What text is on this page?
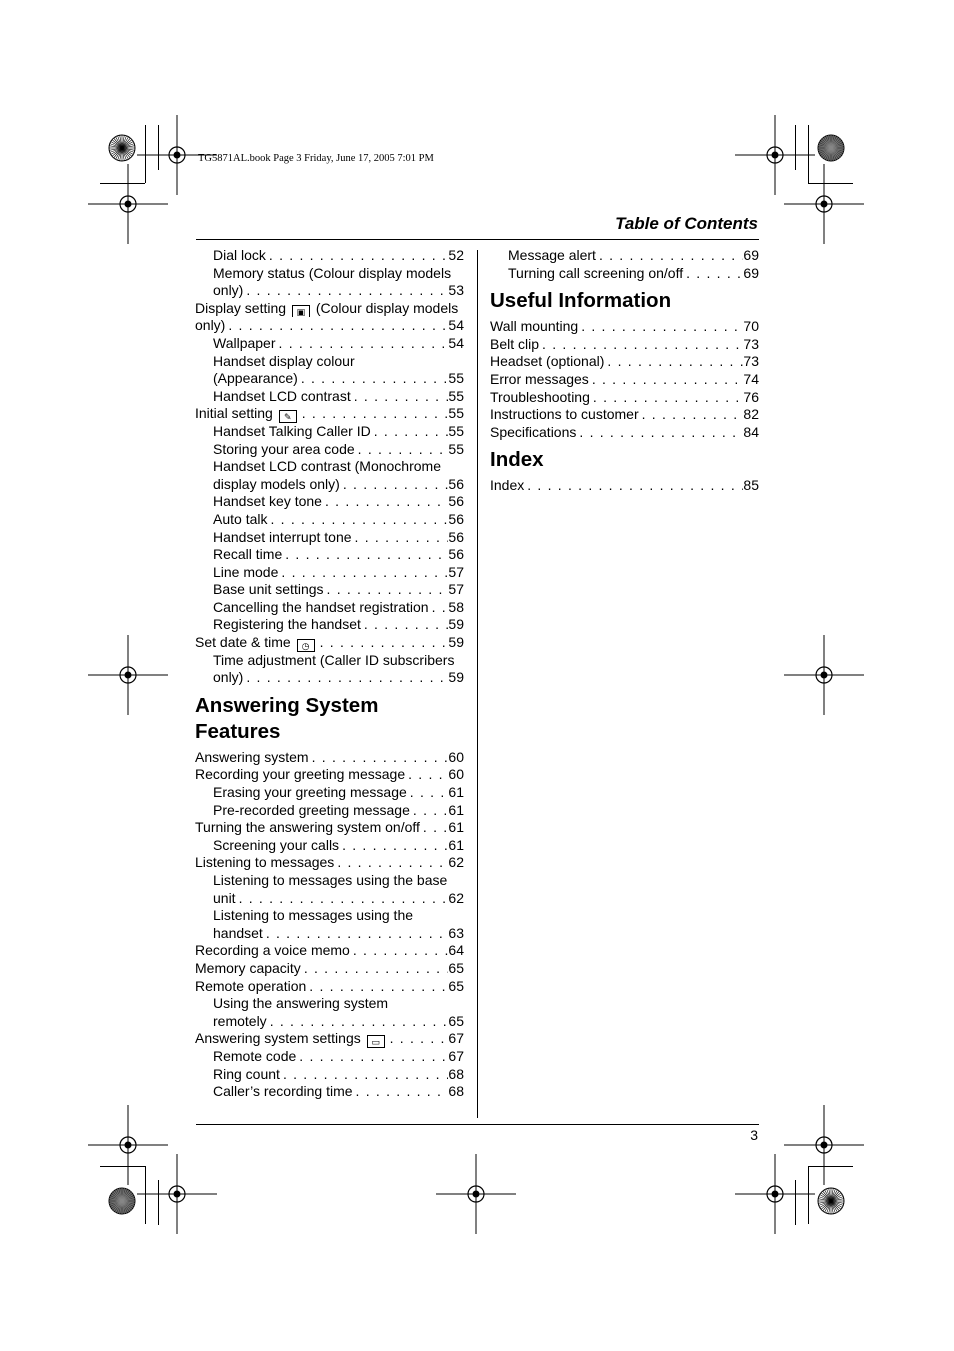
TG5871AL.book Page 3 Friday, June 17, 2005 7:01 PM
Table of Contents
Dial lock . . .	52
Memory status (Colour display models
only) . . .	53
Display setting ▣ (Colour display models
only) . . .	54
Wallpaper . . .	54
Handset display colour
(Appearance) . . .	55
Handset LCD contrast . . .	55
Initial setting ✎ . . .	55
Handset Talking Caller ID . . .	55
Storing your area code . . .	55
Handset LCD contrast (Monochrome
display models only) . . .	56
Handset key tone . . .	56
Auto talk . . .	56
Handset interrupt tone . . .	56
Recall time . . .	56
Line mode . . .	57
Base unit settings . . .	57
Cancelling the handset registration . . . 58
Registering the handset . . .	59
Set date & time ◷ . . .	59
Time adjustment (Caller ID subscribers
only) . . .	59
Answering System Features
Answering system . . .	60
Recording your greeting message . . .	60
Erasing your greeting message . . .	61
Pre-recorded greeting message . . .	61
Turning the answering system on/off . . . 61
Screening your calls . . .	61
Listening to messages . . .	62
Listening to messages using the base
unit . . .	62
Listening to messages using the
handset . . .	63
Recording a voice memo . . .	64
Memory capacity . . .	65
Remote operation . . .	65
Using the answering system
remotely . . .	65
Answering system settings ▭ . . .	67
Remote code . . .	67
Ring count . . .	68
Caller’s recording time . . .	68
Message alert . . .	69
Turning call screening on/off . . .	69
Useful Information
Wall mounting . . .	70
Belt clip . . .	73
Headset (optional) . . .	73
Error messages . . .	74
Troubleshooting . . .	76
Instructions to customer . . .	82
Specifications . . .	84
Index
Index . . .	85
3
